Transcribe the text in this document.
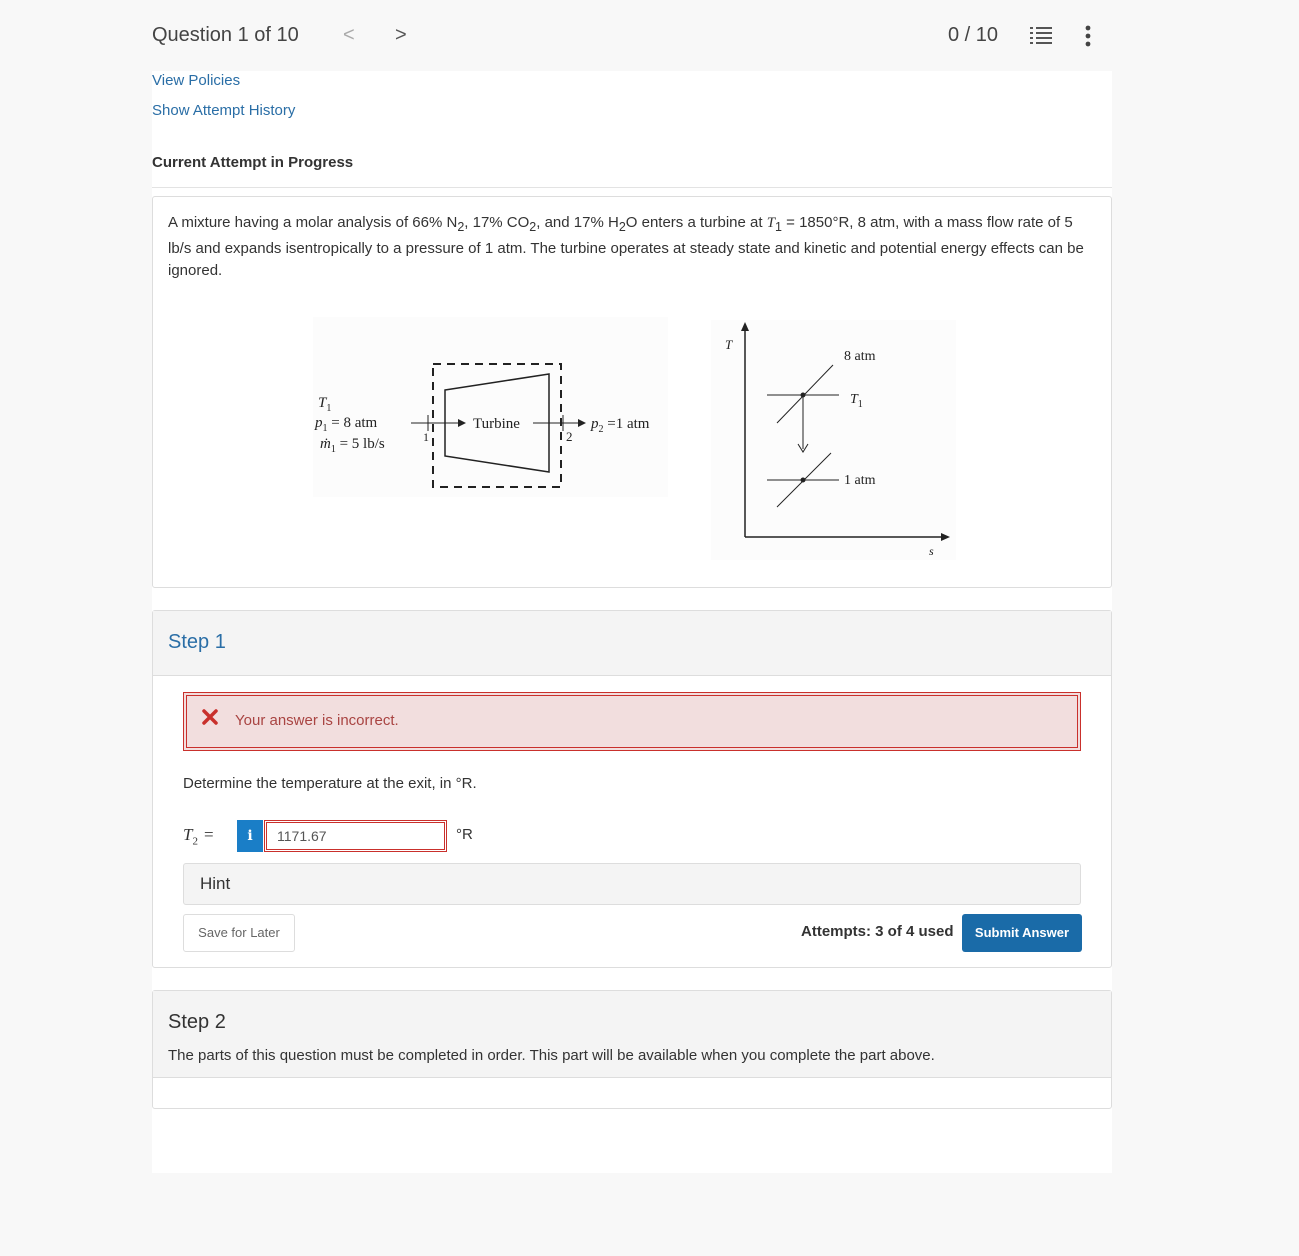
Question 1 of 10 < >	0 / 10
View Policies
Show Attempt History
Current Attempt in Progress
A mixture having a molar analysis of 66% $N_2$, 17% $CO_2$, and 17% $H_2O$ enters a turbine at $T_1 = 1850^\circ R$, 8 atm, with a mass flow rate of 5 lb/s and expands isentropically to a pressure of 1 atm. The turbine operates at steady state and kinetic and potential energy effects can be ignored.
Turbine
1	2
$T_1$
$p_1 = 8$ atm
ṁ$_1$ = 5 lb/s
$p_2 =1$ atm
T
s
8 atm
$T_1$
1 atm
Step 1
Your answer is incorrect.
Determine the temperature at the exit, in °R.
$T_2$ =	i	1171.67	°R
Hint
Save for Later	Attempts: 3 of 4 used	Submit Answer
Step 2
The parts of this question must be completed in order. This part will be available when you complete the part above.
